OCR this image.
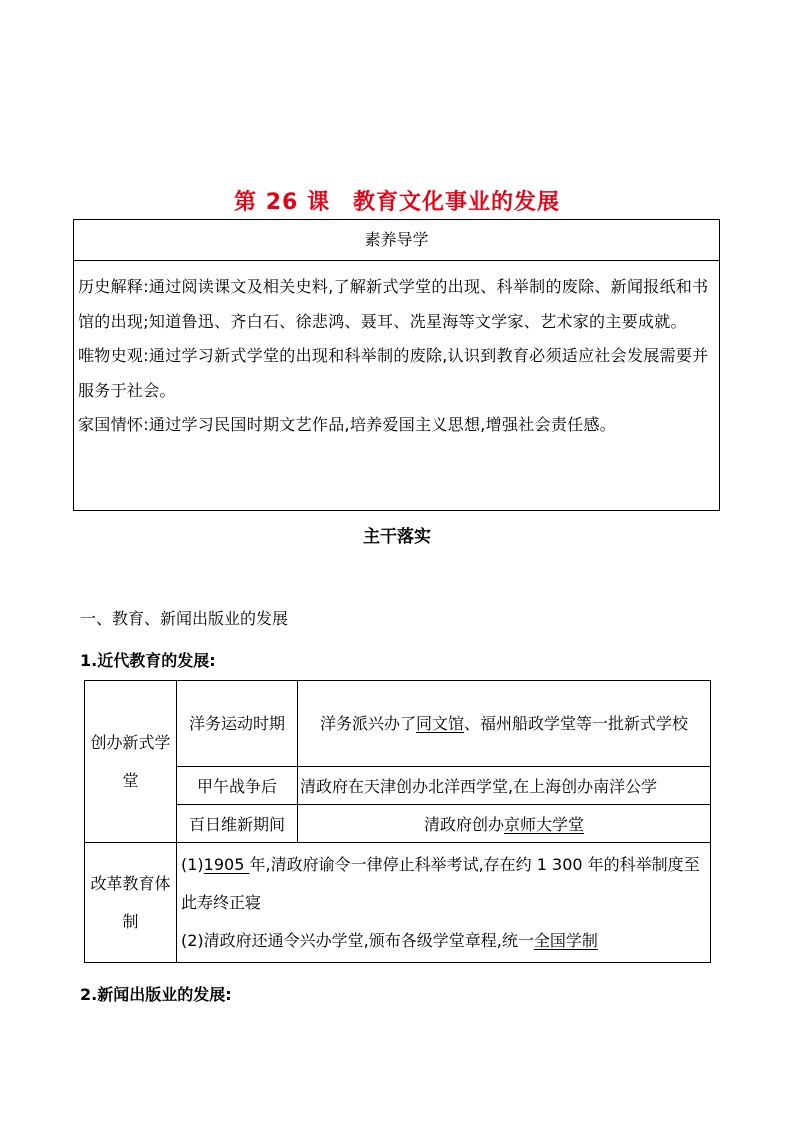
第 26 课　教育文化事业的发展
素养导学

历史解释:通过阅读课文及相关史料,了解新式学堂的出现、科举制的废除、新闻报纸和书馆的出现;知道鲁迅、齐白石、徐悲鸿、聂耳、冼星海等文学家、艺术家的主要成就。

唯物史观:通过学习新式学堂的出现和科举制的废除,认识到教育必须适应社会发展需要并服务于社会。

家国情怀:通过学习民国时期文艺作品,培养爱国主义思想,增强社会责任感。

主干落实
一、教育、新闻出版业的发展
1.近代教育的发展:
创办新式学堂	洋务运动时期	洋务派兴办了同文馆、福州船政学堂等一批新式学校
	甲午战争后	清政府在天津创办北洋西学堂,在上海创办南洋公学
	百日维新期间	清政府创办京师大学堂
改革教育体制	(1)1905 年,清政府谕令一律停止科举考试,存在约 1 300 年的科举制度至此寿终正寝

(2)清政府还通令兴办学堂,颁布各级学堂章程,统一全国学制	

2.新闻出版业的发展:
